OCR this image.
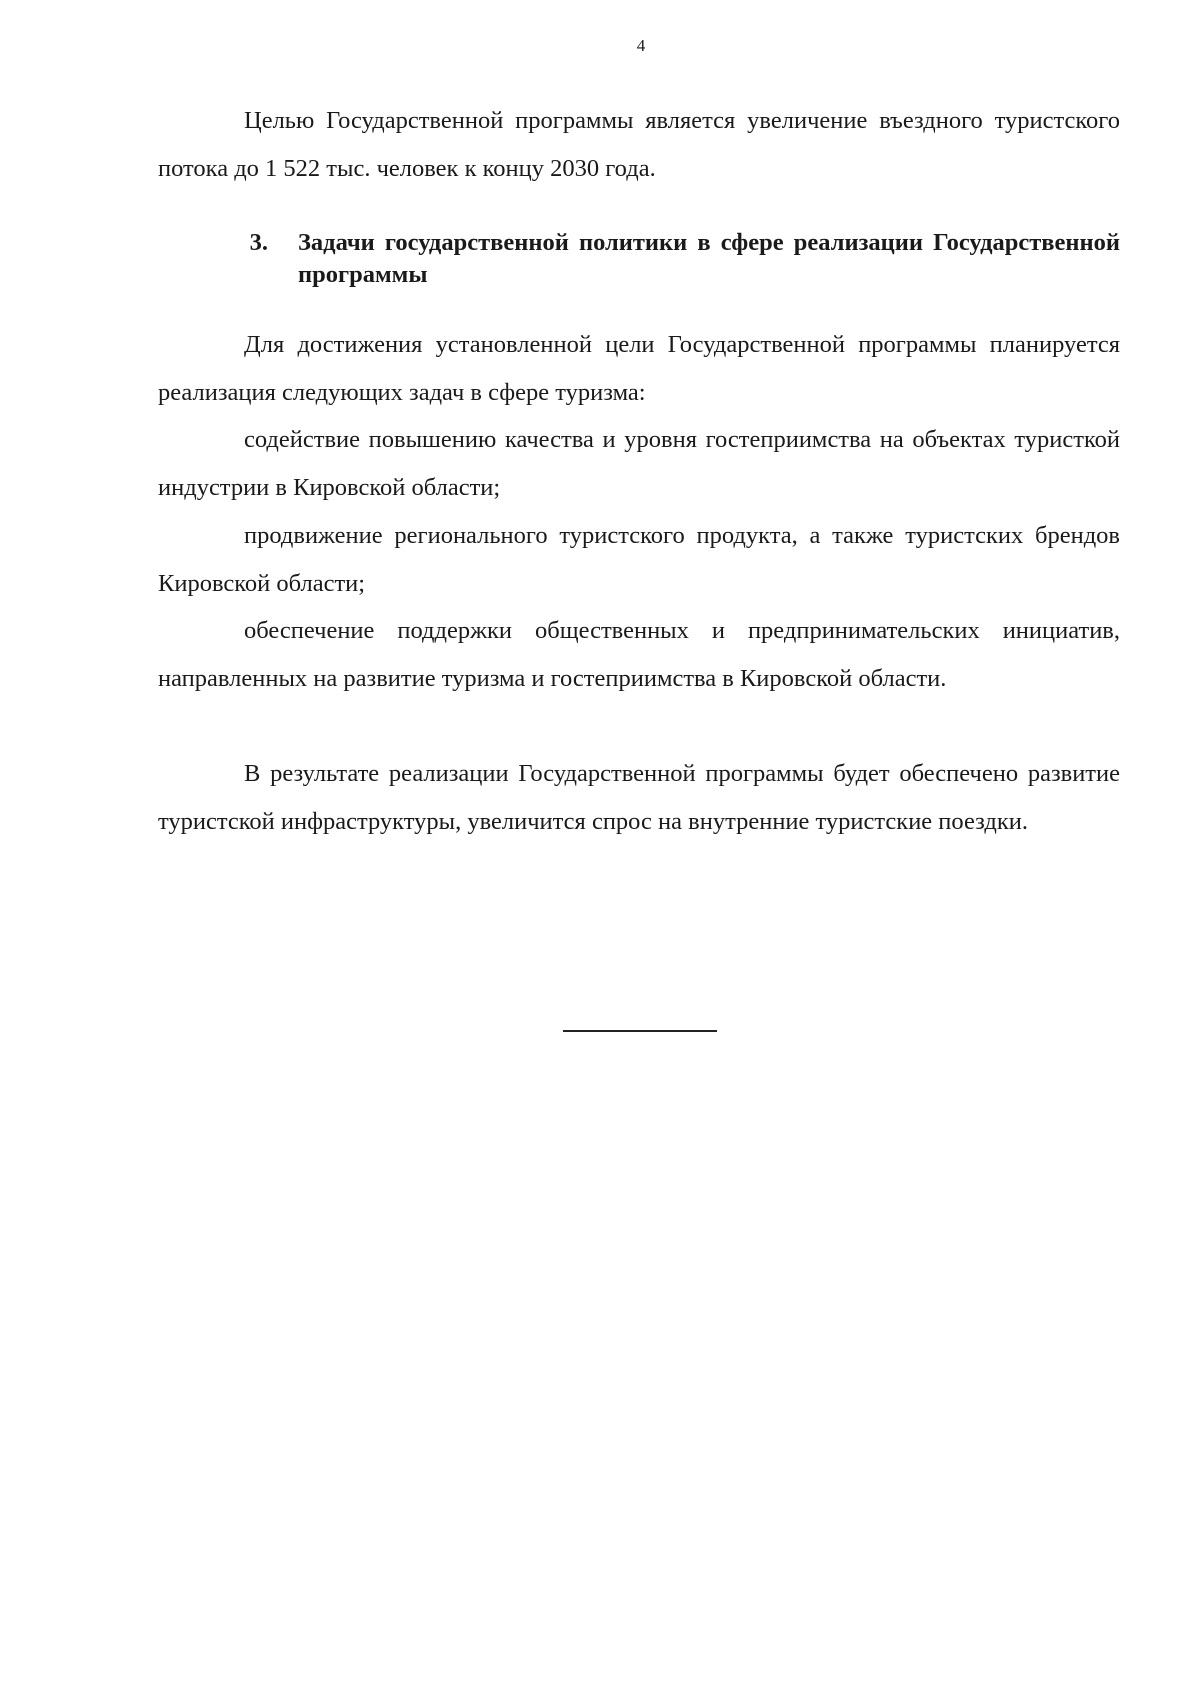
4

Целью Государственной программы является увеличение въездного туристского потока до 1 522 тыс. человек к концу 2030 года.

3.	Задачи государственной политики в сфере реализации Государственной программы

Для достижения установленной цели Государственной программы планируется реализация следующих задач в сфере туризма:

содействие повышению качества и уровня гостеприимства на объектах туристкой индустрии в Кировской области;

продвижение регионального туристского продукта, а также туристских брендов Кировской области;

обеспечение поддержки общественных и предпринимательских инициатив, направленных на развитие туризма и гостеприимства в Кировской области.

В результате реализации Государственной программы будет обеспечено развитие туристской инфраструктуры, увеличится спрос на внутренние туристские поездки.
